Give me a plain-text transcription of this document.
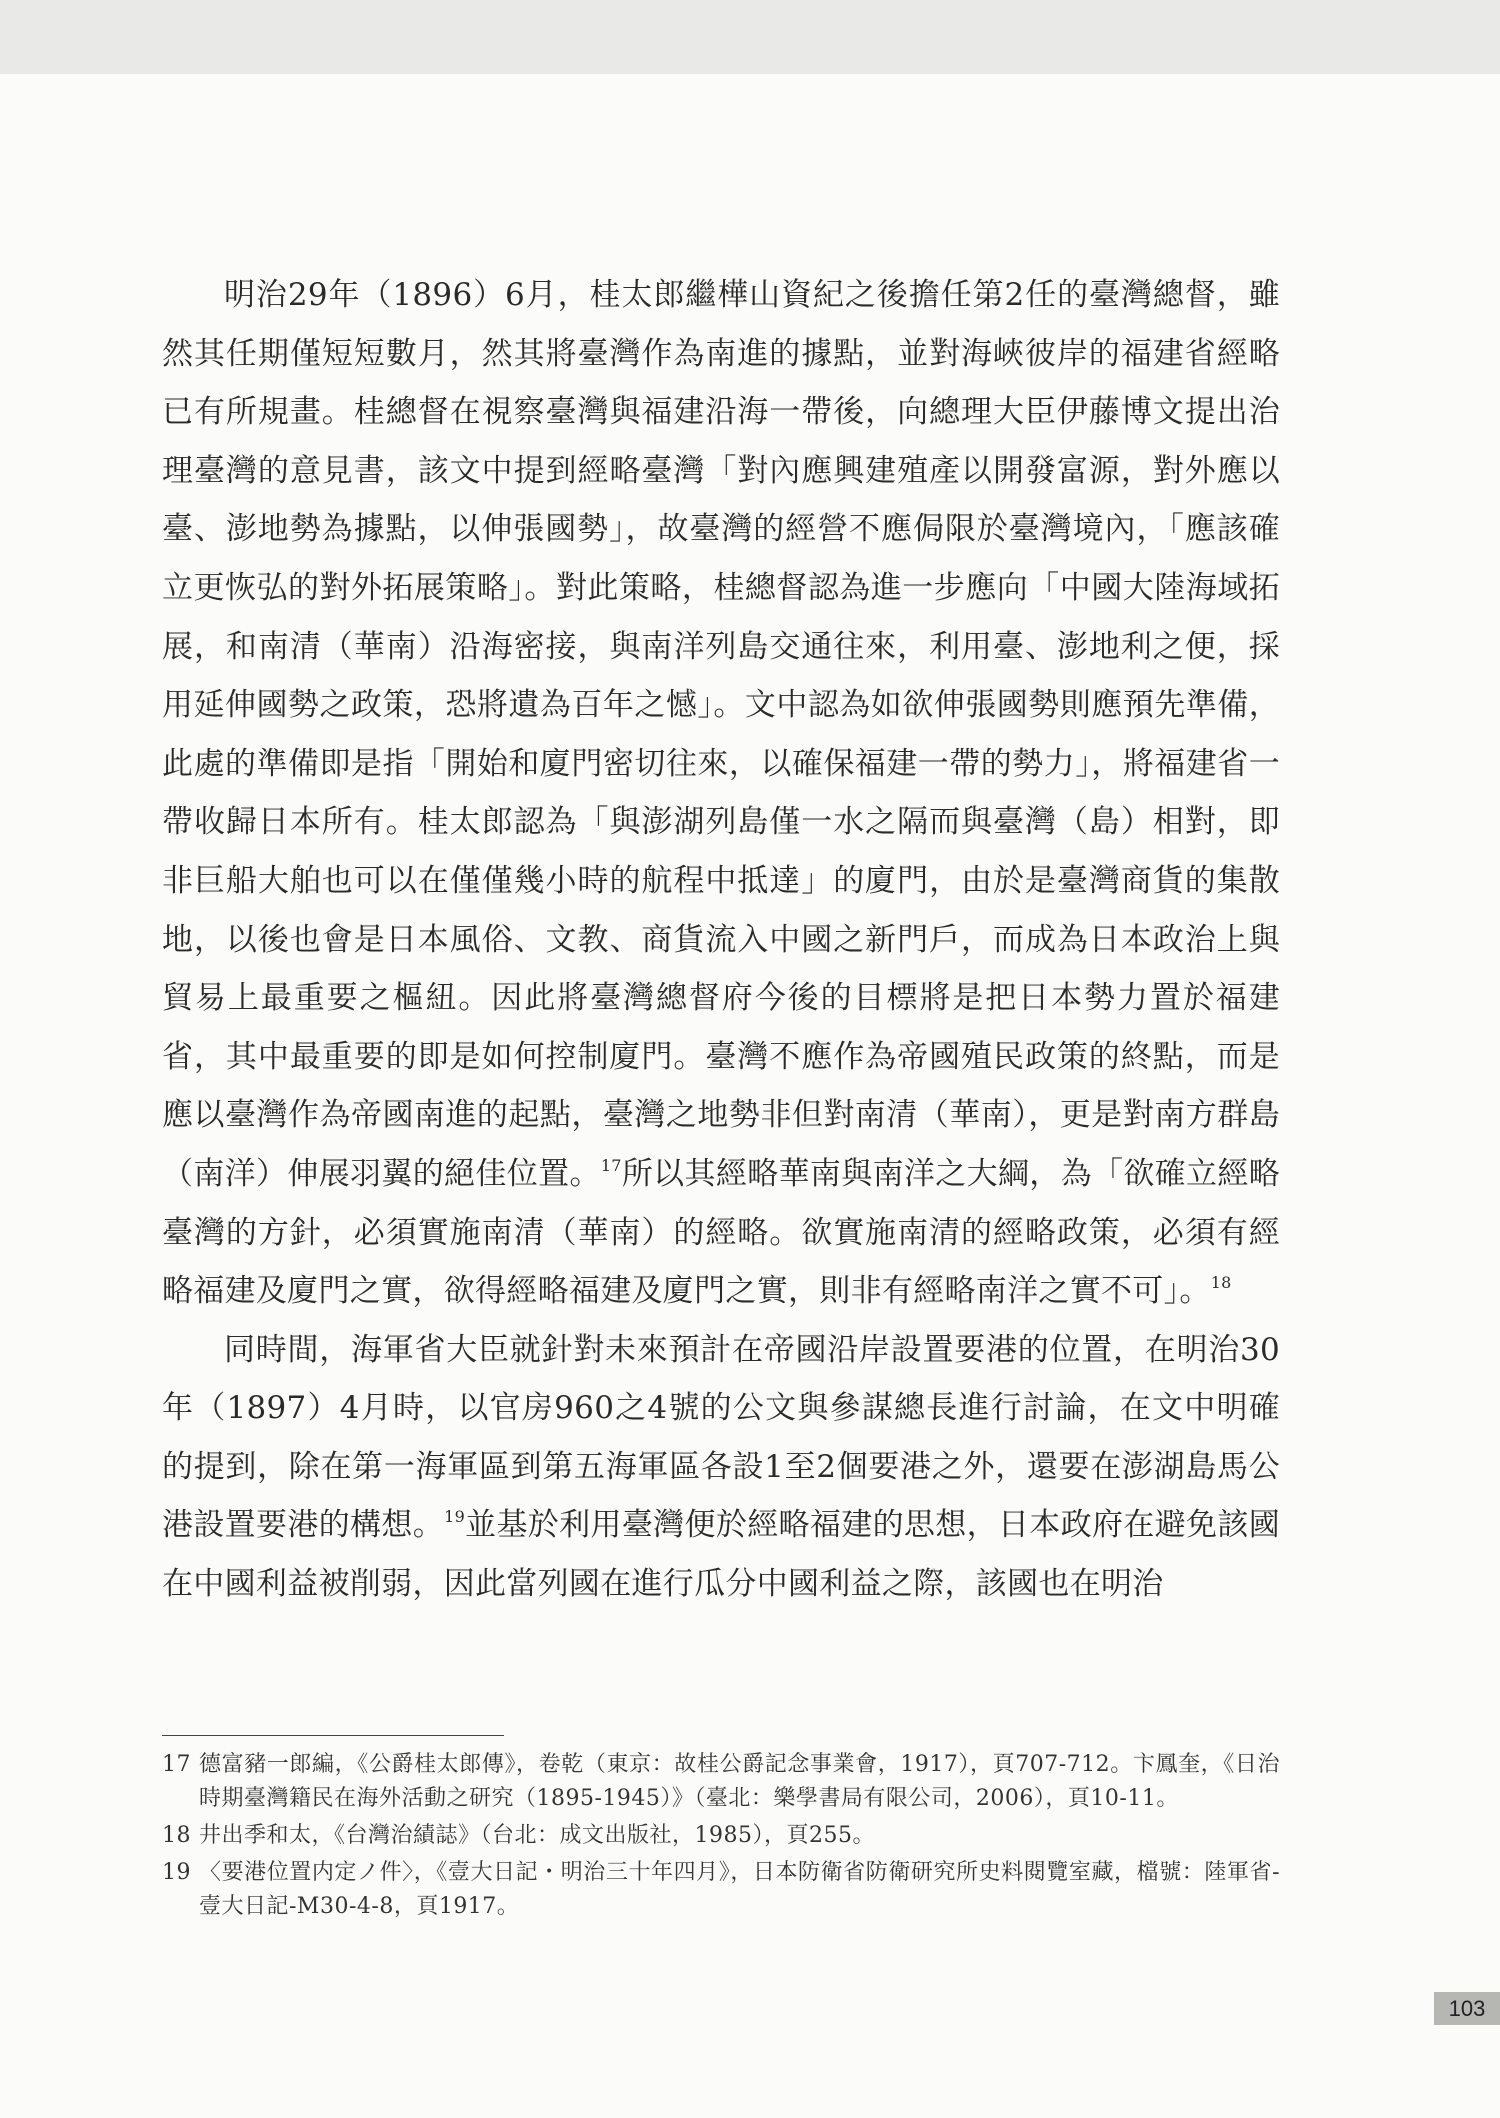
明治29年（1896）6月，桂太郎繼樺山資紀之後擔任第2任的臺灣總督，雖然其任期僅短短數月，然其將臺灣作為南進的據點，並對海峽彼岸的福建省經略已有所規畫。桂總督在視察臺灣與福建沿海一帶後，向總理大臣伊藤博文提出治理臺灣的意見書，該文中提到經略臺灣「對內應興建殖產以開發富源，對外應以臺、澎地勢為據點，以伸張國勢」，故臺灣的經營不應侷限於臺灣境內，「應該確立更恢弘的對外拓展策略」。對此策略，桂總督認為進一步應向「中國大陸海域拓展，和南清（華南）沿海密接，與南洋列島交通往來，利用臺、澎地利之便，採用延伸國勢之政策，恐將遺為百年之憾」。文中認為如欲伸張國勢則應預先準備，此處的準備即是指「開始和廈門密切往來，以確保福建一帶的勢力」，將福建省一帶收歸日本所有。桂太郎認為「與澎湖列島僅一水之隔而與臺灣（島）相對，即非巨船大舶也可以在僅僅幾小時的航程中抵達」的廈門，由於是臺灣商貨的集散地，以後也會是日本風俗、文教、商貨流入中國之新門戶，而成為日本政治上與貿易上最重要之樞紐。因此將臺灣總督府今後的目標將是把日本勢力置於福建省，其中最重要的即是如何控制廈門。臺灣不應作為帝國殖民政策的終點，而是應以臺灣作為帝國南進的起點，臺灣之地勢非但對南清（華南），更是對南方群島（南洋）伸展羽翼的絕佳位置。$^{17}$所以其經略華南與南洋之大綱，為「欲確立經略臺灣的方針，必須實施南清（華南）的經略。欲實施南清的經略政策，必須有經略福建及廈門之實，欲得經略福建及廈門之實，則非有經略南洋之實不可」。$^{18}$

同時間，海軍省大臣就針對未來預計在帝國沿岸設置要港的位置，在明治30年（1897）4月時，以官房960之4號的公文與參謀總長進行討論，在文中明確的提到，除在第一海軍區到第五海軍區各設1至2個要港之外，還要在澎湖島馬公港設置要港的構想。$^{19}$並基於利用臺灣便於經略福建的思想，日本政府在避免該國在中國利益被削弱，因此當列國在進行瓜分中國利益之際，該國也在明治

17 德富豬一郎編，《公爵桂太郎傳》，卷乾（東京：故桂公爵記念事業會，1917），頁707-712。卞鳳奎，《日治時期臺灣籍民在海外活動之研究（1895-1945）》（臺北：樂學書局有限公司，2006），頁10-11。
18 井出季和太，《台灣治績誌》（台北：成文出版社，1985），頁255。
19 〈要港位置内定ノ件〉，《壹大日記・明治三十年四月》，日本防衛省防衛研究所史料閱覽室藏，檔號：陸軍省-壹大日記-M30-4-8，頁1917。
103
